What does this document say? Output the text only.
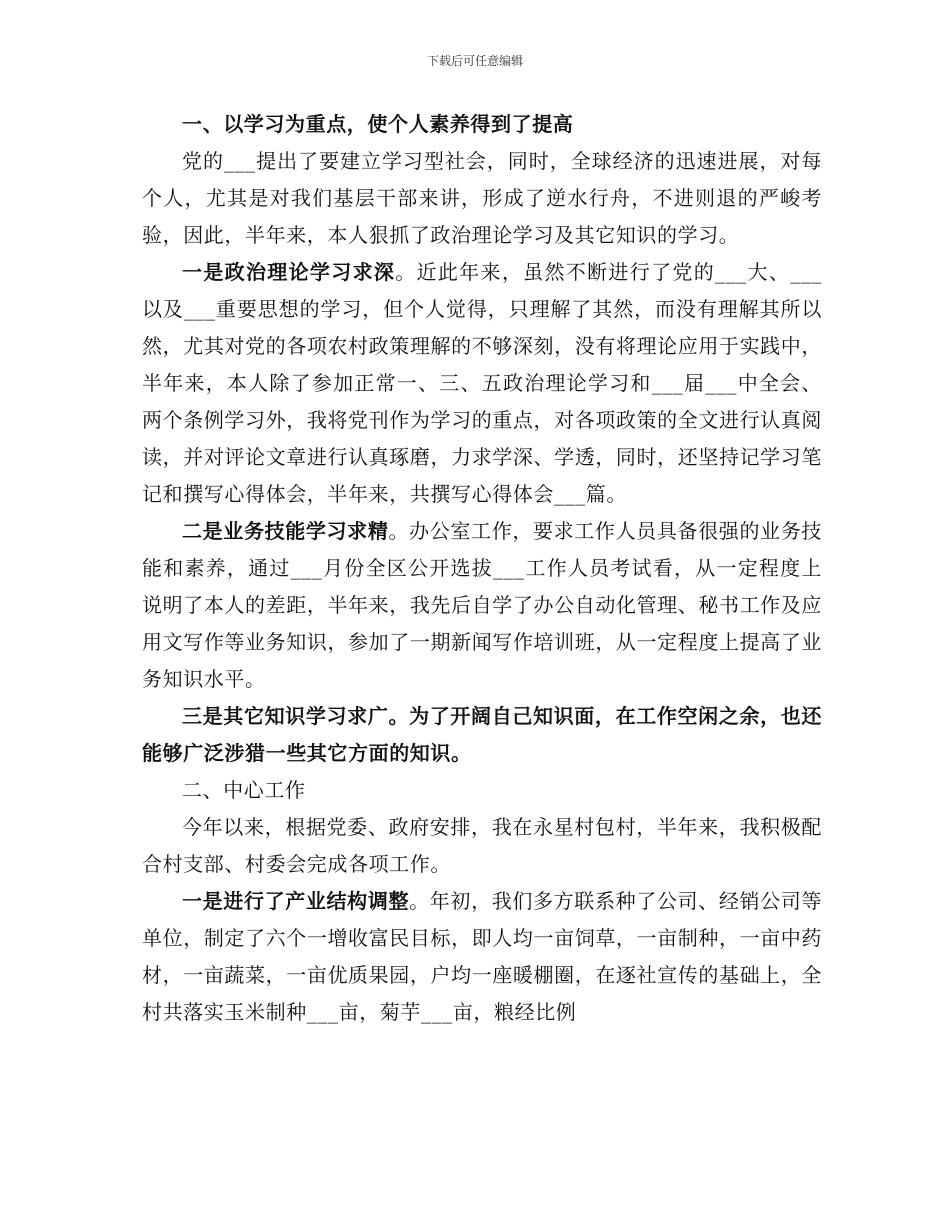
下载后可任意编辑

一、以学习为重点，使个人素养得到了提高

党的___提出了要建立学习型社会，同时，全球经济的迅速进展，对每个人，尤其是对我们基层干部来讲，形成了逆水行舟，不进则退的严峻考验，因此，半年来，本人狠抓了政治理论学习及其它知识的学习。

一是政治理论学习求深。近此年来，虽然不断进行了党的___大、___以及___重要思想的学习，但个人觉得，只理解了其然，而没有理解其所以然，尤其对党的各项农村政策理解的不够深刻，没有将理论应用于实践中，半年来，本人除了参加正常一、三、五政治理论学习和___届___中全会、两个条例学习外，我将党刊作为学习的重点，对各项政策的全文进行认真阅读，并对评论文章进行认真琢磨，力求学深、学透，同时，还坚持记学习笔记和撰写心得体会，半年来，共撰写心得体会___篇。

二是业务技能学习求精。办公室工作，要求工作人员具备很强的业务技能和素养，通过___月份全区公开选拔___工作人员考试看，从一定程度上说明了本人的差距，半年来，我先后自学了办公自动化管理、秘书工作及应用文写作等业务知识，参加了一期新闻写作培训班，从一定程度上提高了业务知识水平。

三是其它知识学习求广。为了开阔自己知识面，在工作空闲之余，也还能够广泛涉猎一些其它方面的知识。

二、中心工作

今年以来，根据党委、政府安排，我在永星村包村，半年来，我积极配合村支部、村委会完成各项工作。

一是进行了产业结构调整。年初，我们多方联系种了公司、经销公司等单位，制定了六个一增收富民目标，即人均一亩饲草，一亩制种，一亩中药材，一亩蔬菜，一亩优质果园，户均一座暖棚圈，在逐社宣传的基础上，全村共落实玉米制种___亩，菊芋___亩，粮经比例
